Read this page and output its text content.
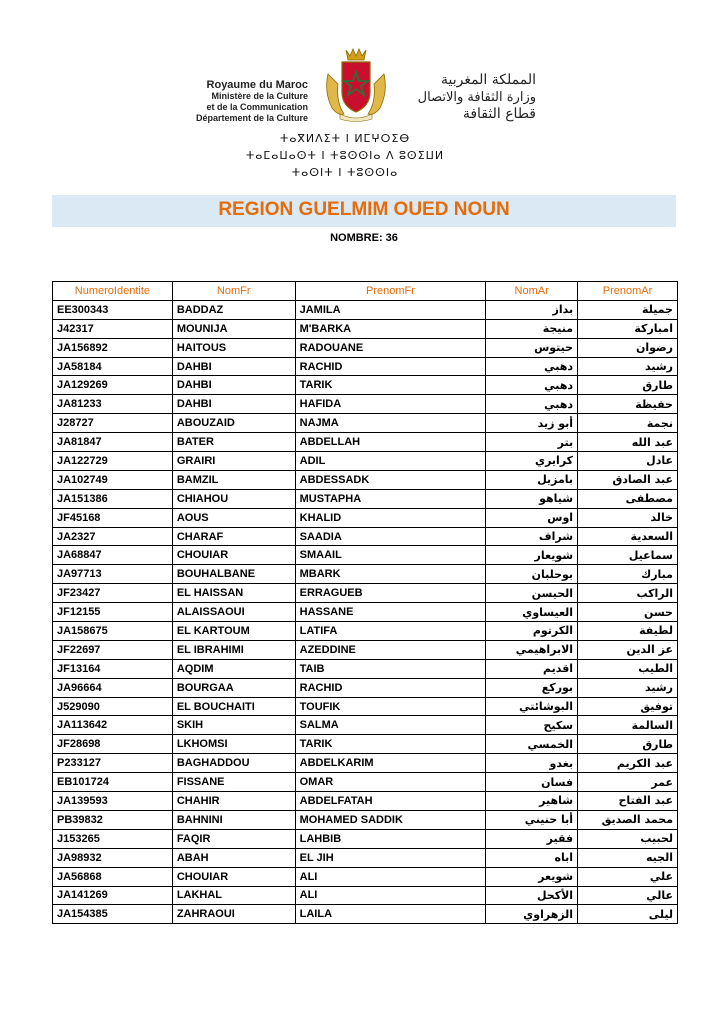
Royaume du Maroc
Ministère de la Culture
et de la Communication
Département de la Culture
المملكة المغربية
وزارة الثقافة والاتصال
قطاع الثقافة
ⵜⴰⴳⵍⴷⵉⵜ ⵏ ⵍⵎⵖⵔⵉⴱ
ⵜⴰⵎⴰⵡⴰⵙⵜ ⵏ ⵜⵓⵙⵙⵏⴰ ⴷ ⵓⵙⵉⵡⵍ
ⵜⴰⵙⵏⵜ ⵏ ⵜⵓⵙⵙⵏⴰ
REGION GUELMIM OUED NOUN
NOMBRE: 36
NumeroIdentite	NomFr	PrenomFr	NomAr	PrenomAr
EE300343	BADDAZ	JAMILA	بداز	جميلة
J42317	MOUNIJA	M'BARKA	منيجة	امباركة
JA156892	HAITOUS	RADOUANE	حيتوس	رضوان
JA58184	DAHBI	RACHID	دهبي	رشيد
JA129269	DAHBI	TARIK	دهبي	طارق
JA81233	DAHBI	HAFIDA	دهبي	حفيظة
J28727	ABOUZAID	NAJMA	أبو زيد	نجمة
JA81847	BATER	ABDELLAH	بتر	عبد الله
JA122729	GRAIRI	ADIL	كرايري	عادل
JA102749	BAMZIL	ABDESSADK	بامزيل	عبد الصادق
JA151386	CHIAHOU	MUSTAPHA	شياهو	مصطفى
JF45168	AOUS	KHALID	اوس	خالد
JA2327	CHARAF	SAADIA	شراف	السعدية
JA68847	CHOUIAR	SMAAIL	شويعار	سماعيل
JA97713	BOUHALBANE	MBARK	بوحلبان	مبارك
JF23427	EL HAISSAN	ERRAGUEB	الحيسن	الراكب
JF12155	ALAISSAOUI	HASSANE	العيساوي	حسن
JA158675	EL KARTOUM	LATIFA	الكرتوم	لطيفة
JF22697	EL IBRAHIMI	AZEDDINE	الابراهيمي	عز الدين
JF13164	AQDIM	TAIB	اقديم	الطيب
JA96664	BOURGAA	RACHID	بوركع	رشيد
J529090	EL BOUCHAITI	TOUFIK	البوشائتي	توفيق
JA113642	SKIH	SALMA	سكيح	السالمة
JF28698	LKHOMSI	TARIK	الخمسي	طارق
P233127	BAGHADDOU	ABDELKARIM	بغدو	عبد الكريم
EB101724	FISSANE	OMAR	فسان	عمر
JA139593	CHAHIR	ABDELFATAH	شاهير	عبد الفتاح
PB39832	BAHNINI	MOHAMED SADDIK	أبا حنيني	محمد الصديق
J153265	FAQIR	LAHBIB	فقير	لحبيب
JA98932	ABAH	EL JIH	اباه	الجيه
JA56868	CHOUIAR	ALI	شويعر	علي
JA141269	LAKHAL	ALI	الأكحل	عالي
JA154385	ZAHRAOUI	LAILA	الزهراوي	ليلى
